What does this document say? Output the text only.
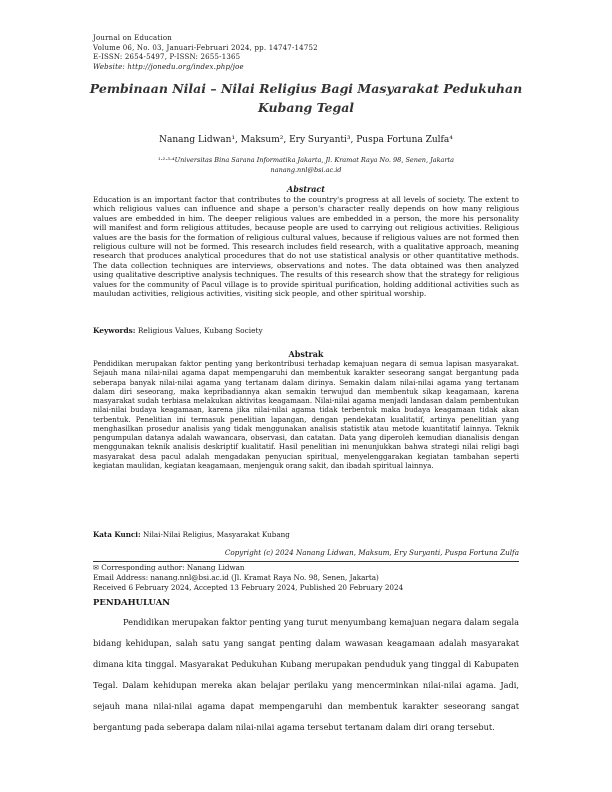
Journal on Education
Volume 06, No. 03, Januari-Februari 2024, pp. 14747-14752
E-ISSN: 2654-5497, P-ISSN: 2655-1365
Website: http://jonedu.org/index.php/joe
Pembinaan Nilai – Nilai Religius Bagi Masyarakat Pedukuhan Kubang Tegal
Nanang Lidwan¹, Maksum², Ery Suryanti³, Puspa Fortuna Zulfa⁴
¹·²·³·⁴Universitas Bina Sarana Informatika Jakarta, Jl. Kramat Raya No. 98, Senen, Jakarta
nanang.nnl@bsi.ac.id
Abstract
Education is an important factor that contributes to the country's progress at all levels of society. The extent to which religious values can influence and shape a person's character really depends on how many religious values are embedded in him. The deeper religious values are embedded in a person, the more his personality will manifest and form religious attitudes, because people are used to carrying out religious activities. Religious values are the basis for the formation of religious cultural values, because if religious values are not formed then religious culture will not be formed. This research includes field research, with a qualitative approach, meaning research that produces analytical procedures that do not use statistical analysis or other quantitative methods. The data collection techniques are interviews, observations and notes. The data obtained was then analyzed using qualitative descriptive analysis techniques. The results of this research show that the strategy for religious values for the community of Pacul village is to provide spiritual purification, holding additional activities such as mauludan activities, religious activities, visiting sick people, and other spiritual worship.
Keywords: Religious Values, Kubang Society
Abstrak
Pendidikan merupakan faktor penting yang berkontribusi terhadap kemajuan negara di semua lapisan masyarakat. Sejauh mana nilai-nilai agama dapat mempengaruhi dan membentuk karakter seseorang sangat bergantung pada seberapa banyak nilai-nilai agama yang tertanam dalam dirinya. Semakin dalam nilai-nilai agama yang tertanam dalam diri seseorang, maka kepribadiannya akan semakin terwujud dan membentuk sikap keagamaan, karena masyarakat sudah terbiasa melakukan aktivitas keagamaan. Nilai-nilai agama menjadi landasan dalam pembentukan nilai-nilai budaya keagamaan, karena jika nilai-nilai agama tidak terbentuk maka budaya keagamaan tidak akan terbentuk. Penelitian ini termasuk penelitian lapangan, dengan pendekatan kualitatif, artinya penelitian yang menghasilkan prosedur analisis yang tidak menggunakan analisis statistik atau metode kuantitatif lainnya. Teknik pengumpulan datanya adalah wawancara, observasi, dan catatan. Data yang diperoleh kemudian dianalisis dengan menggunakan teknik analisis deskriptif kualitatif. Hasil penelitian ini menunjukkan bahwa strategi nilai religi bagi masyarakat desa pacul adalah mengadakan penyucian spiritual, menyelenggarakan kegiatan tambahan seperti kegiatan maulidan, kegiatan keagamaan, menjenguk orang sakit, dan ibadah spiritual lainnya.
Kata Kunci: Nilai-Nilai Religius, Masyarakat Kubang
Copyright (c) 2024 Nanang Lidwan, Maksum, Ery Suryanti, Puspa Fortuna Zulfa
✉ Corresponding author: Nanang Lidwan
Email Address: nanang.nnl@bsi.ac.id (Jl. Kramat Raya No. 98, Senen, Jakarta)
Received 6 February 2024, Accepted 13 February 2024, Published 20 February 2024
PENDAHULUAN
Pendidikan merupakan faktor penting yang turut menyumbang kemajuan negara dalam segala bidang kehidupan, salah satu yang sangat penting dalam wawasan keagamaan adalah masyarakat dimana kita tinggal. Masyarakat Pedukuhan Kubang merupakan penduduk yang tinggal di Kabupaten Tegal. Dalam kehidupan mereka akan belajar perilaku yang mencerminkan nilai-nilai agama. Jadi, sejauh mana nilai-nilai agama dapat mempengaruhi dan membentuk karakter seseorang sangat bergantung pada seberapa dalam nilai-nilai agama tersebut tertanam dalam diri orang tersebut.
